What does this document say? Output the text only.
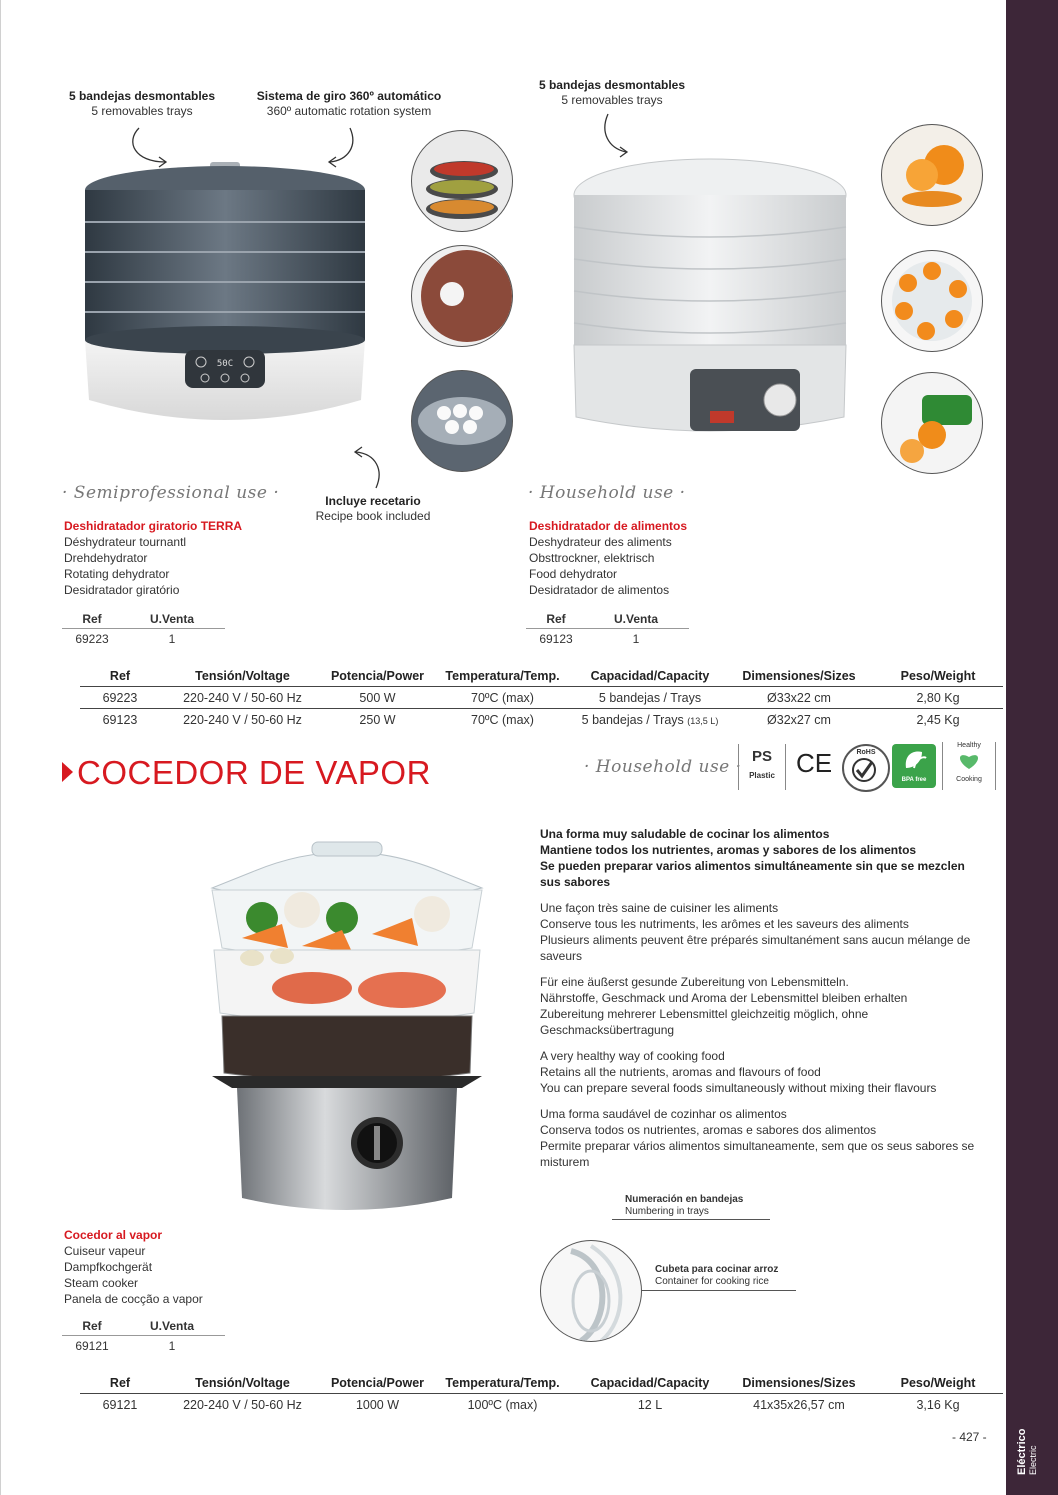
Eléctrico Electric
5 bandejas desmontables
5 removables trays
Sistema de giro 360º automático
360º automatic rotation system
50C
Incluye recetario
Recipe book included
· Semiprofessional use ·
Deshidratador giratorio TERRA
Déshydrateur tournantl
Drehdehydrator
Rotating dehydrator
Desidratador giratório
Ref	U.Venta
69223	1
5 bandejas desmontables
5 removables trays
· Household use ·
Deshidratador de alimentos
Deshydrateur des aliments
Obsttrockner, elektrisch
Food dehydrator
Desidratador de alimentos
Ref	U.Venta
69123	1
Ref	Tensión/Voltage	Potencia/Power	Temperatura/Temp.	Capacidad/Capacity	Dimensiones/Sizes	Peso/Weight
69223	220-240 V / 50-60 Hz	500 W	70ºC (max)	5 bandejas / Trays	Ø33x22 cm	2,80 Kg
69123	220-240 V / 50-60 Hz	250 W	70ºC (max)	5 bandejas / Trays (13,5 L)	Ø32x27 cm	2,45 Kg
COCEDOR DE VAPOR	· Household use ·
PS
Plastic CE	RoHS
BPA free
Healthy
Cooking

Una forma muy saludable de cocinar los alimentos
Mantiene todos los nutrientes, aromas y sabores de los alimentos
Se pueden preparar varios alimentos simultáneamente sin que se mezclen sus sabores

Une façon très saine de cuisiner les aliments
Conserve tous les nutriments, les arômes et les saveurs des aliments
Plusieurs aliments peuvent être préparés simultanément sans aucun mélange de saveurs

Für eine äußerst gesunde Zubereitung von Lebensmitteln.
Nährstoffe, Geschmack und Aroma der Lebensmittel bleiben erhalten
Zubereitung mehrerer Lebensmittel gleichzeitig möglich, ohne Geschmacksübertragung

A very healthy way of cooking food
Retains all the nutrients, aromas and flavours of food
You can prepare several foods simultaneously without mixing their flavours

Uma forma saudável de cozinhar os alimentos
Conserva todos os nutrientes, aromas e sabores dos alimentos
Permite preparar vários alimentos simultaneamente, sem que os seus sabores se misturem

Numeración en bandejas
Numbering in trays
Cubeta para cocinar arroz
Container for cooking rice
Cocedor al vapor
Cuiseur vapeur
Dampfkochgerät
Steam cooker
Panela de cocção a vapor
Ref	U.Venta
69121	1
Ref	Tensión/Voltage	Potencia/Power	Temperatura/Temp.	Capacidad/Capacity	Dimensiones/Sizes	Peso/Weight
69121	220-240 V / 50-60 Hz	1000 W	100ºC (max)	12 L	41x35x26,57 cm	3,16 Kg
- 427 -
